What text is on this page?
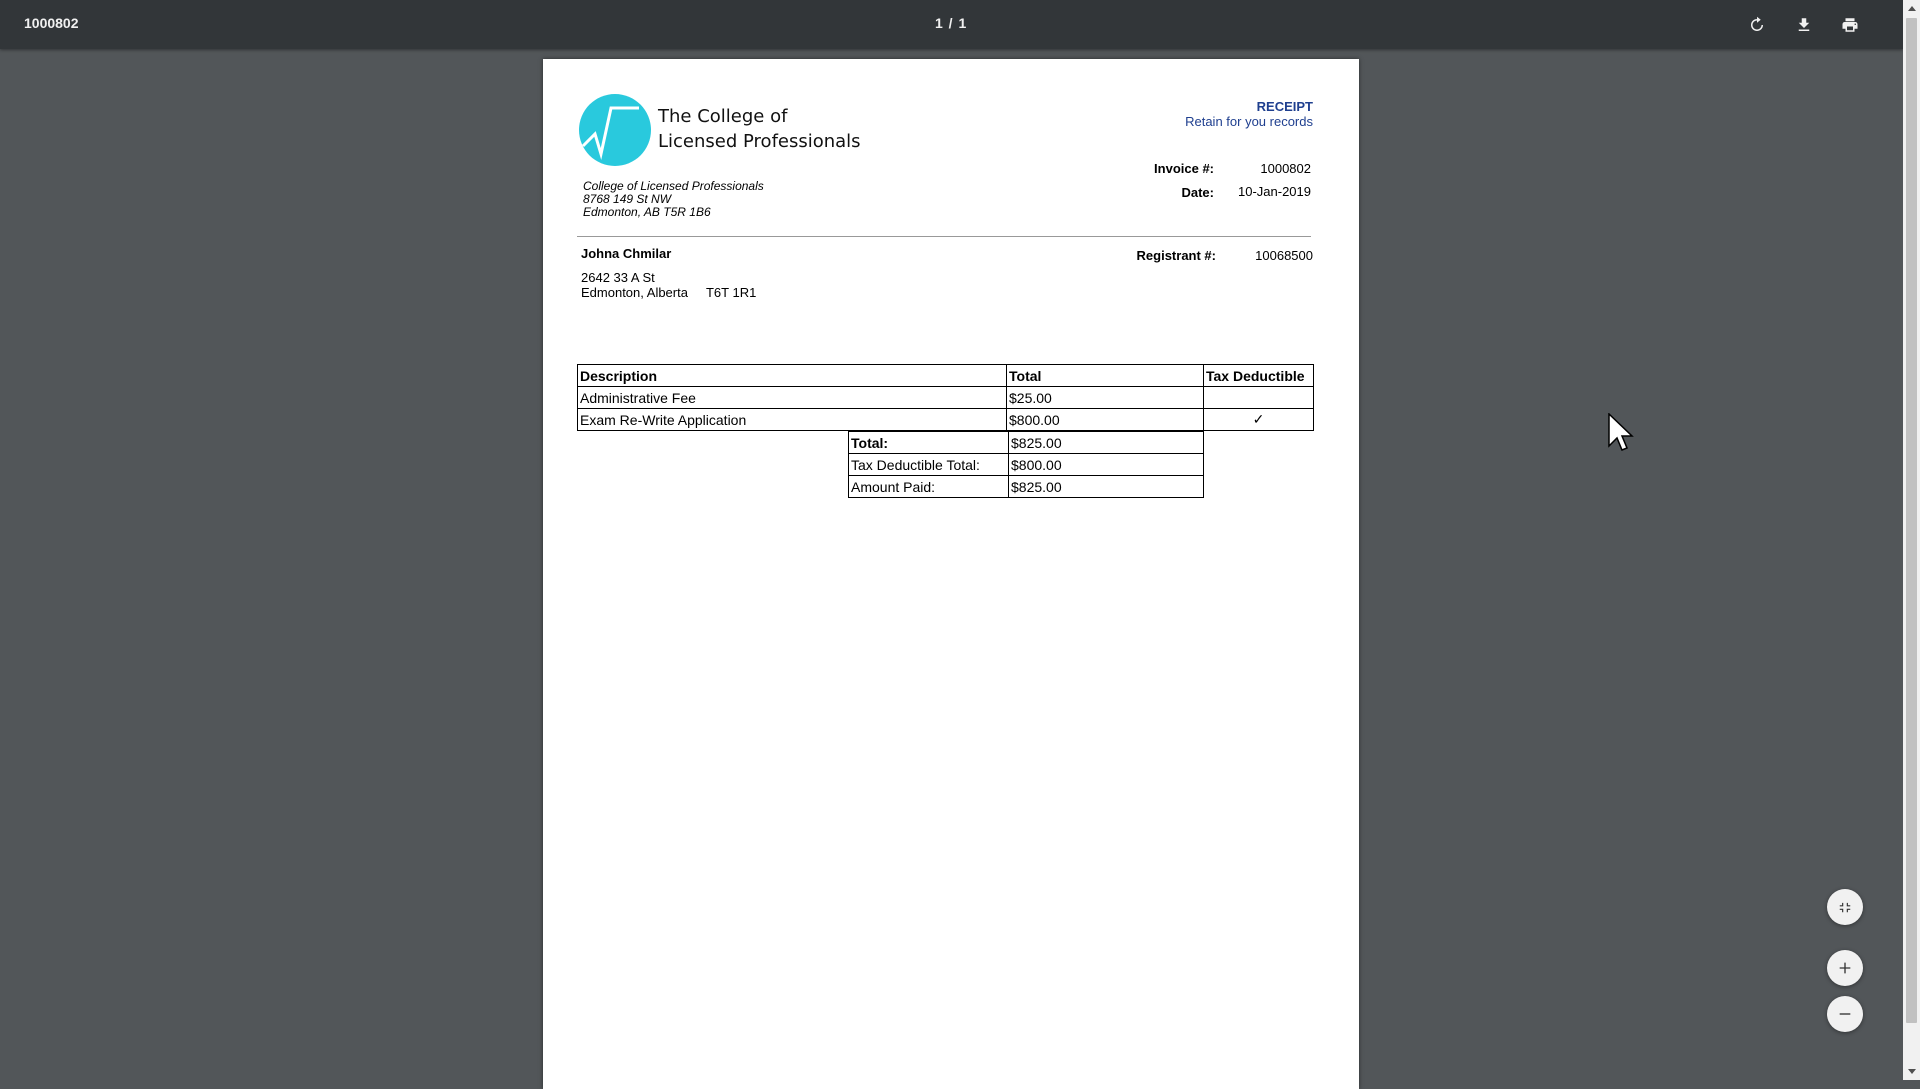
1000802	1 / 1
The College of
Licensed Professionals
College of Licensed Professionals
8768 149 St NW
Edmonton, AB T5R 1B6
RECEIPT
Retain for you records
Invoice #:	1000802
Date: 10-Jan-2019
Johna Chmilar
2642 33 A St
Edmonton, Alberta T6T 1R1
Registrant #:	10068500
Description	Total	Tax Deductible
Administrative Fee	$25.00	
Exam Re-Write Application	$800.00	✓
Total:	$825.00
Tax Deductible Total:	$800.00
Amount Paid:	$825.00
